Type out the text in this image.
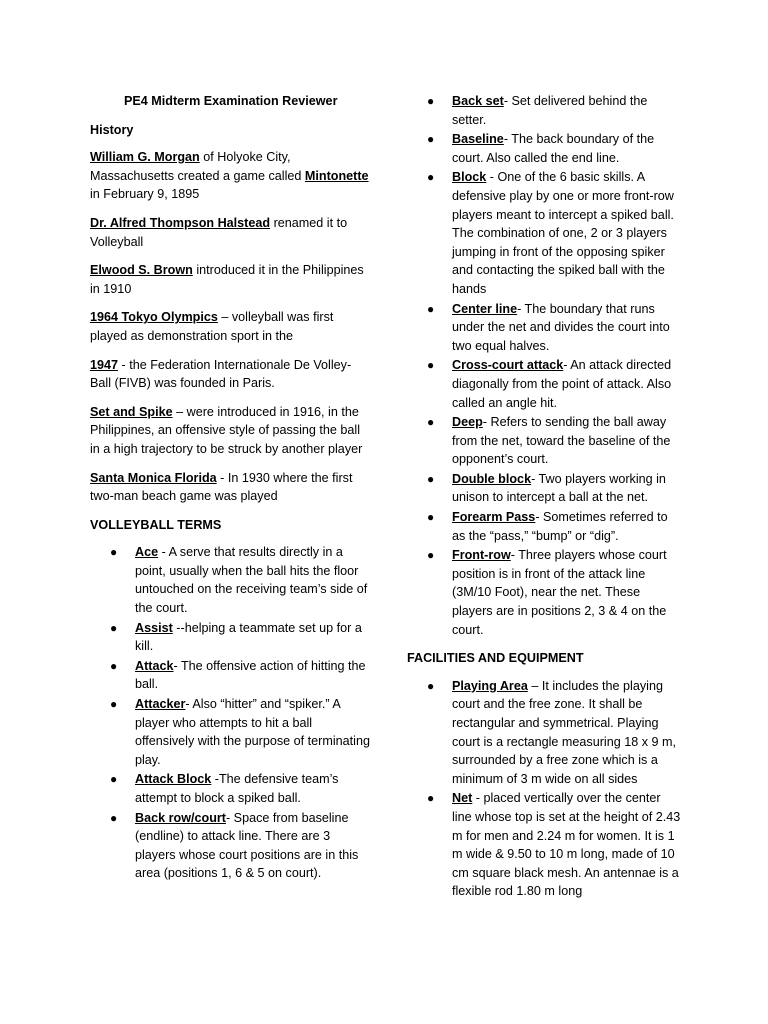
PE4 Midterm Examination Reviewer
History

William G. Morgan of Holyoke City, Massachusetts created a game called Mintonette in February 9, 1895

Dr. Alfred Thompson Halstead renamed it to Volleyball

Elwood S. Brown introduced it in the Philippines in 1910

1964 Tokyo Olympics – volleyball was first played as demonstration sport in the

1947 - the Federation Internationale De Volley-Ball (FIVB) was founded in Paris.

Set and Spike – were introduced in 1916, in the Philippines, an offensive style of passing the ball in a high trajectory to be struck by another player

Santa Monica Florida - In 1930 where the first two-man beach game was played

VOLLEYBALL TERMS
● Ace - A serve that results directly in a point, usually when the ball hits the floor untouched on the receiving team’s side of the court.
● Assist --helping a teammate set up for a kill.
● Attack- The offensive action of hitting the ball.
● Attacker- Also “hitter” and “spiker.” A player who attempts to hit a ball offensively with the purpose of terminating play.
● Attack Block -The defensive team’s attempt to block a spiked ball.
● Back row/court- Space from baseline (endline) to attack line. There are 3 players whose court positions are in this area (positions 1, 6 & 5 on court).
● Back set- Set delivered behind the setter.
● Baseline- The back boundary of the court. Also called the end line.
● Block - One of the 6 basic skills. A defensive play by one or more front-row players meant to intercept a spiked ball. The combination of one, 2 or 3 players jumping in front of the opposing spiker and contacting the spiked ball with the hands
● Center line- The boundary that runs under the net and divides the court into two equal halves.
● Cross-court attack- An attack directed diagonally from the point of attack. Also called an angle hit.
● Deep- Refers to sending the ball away from the net, toward the baseline of the opponent’s court.
● Double block- Two players working in unison to intercept a ball at the net.
● Forearm Pass- Sometimes referred to as the “pass,” “bump” or “dig”.
● Front-row- Three players whose court position is in front of the attack line (3M/10 Foot), near the net. These players are in positions 2, 3 & 4 on the court.
FACILITIES AND EQUIPMENT
● Playing Area – It includes the playing court and the free zone. It shall be rectangular and symmetrical. Playing court is a rectangle measuring 18 x 9 m, surrounded by a free zone which is a minimum of 3 m wide on all sides
● Net - placed vertically over the center line whose top is set at the height of 2.43 m for men and 2.24 m for women. It is 1 m wide & 9.50 to 10 m long, made of 10 cm square black mesh. An antennae is a flexible rod 1.80 m long
